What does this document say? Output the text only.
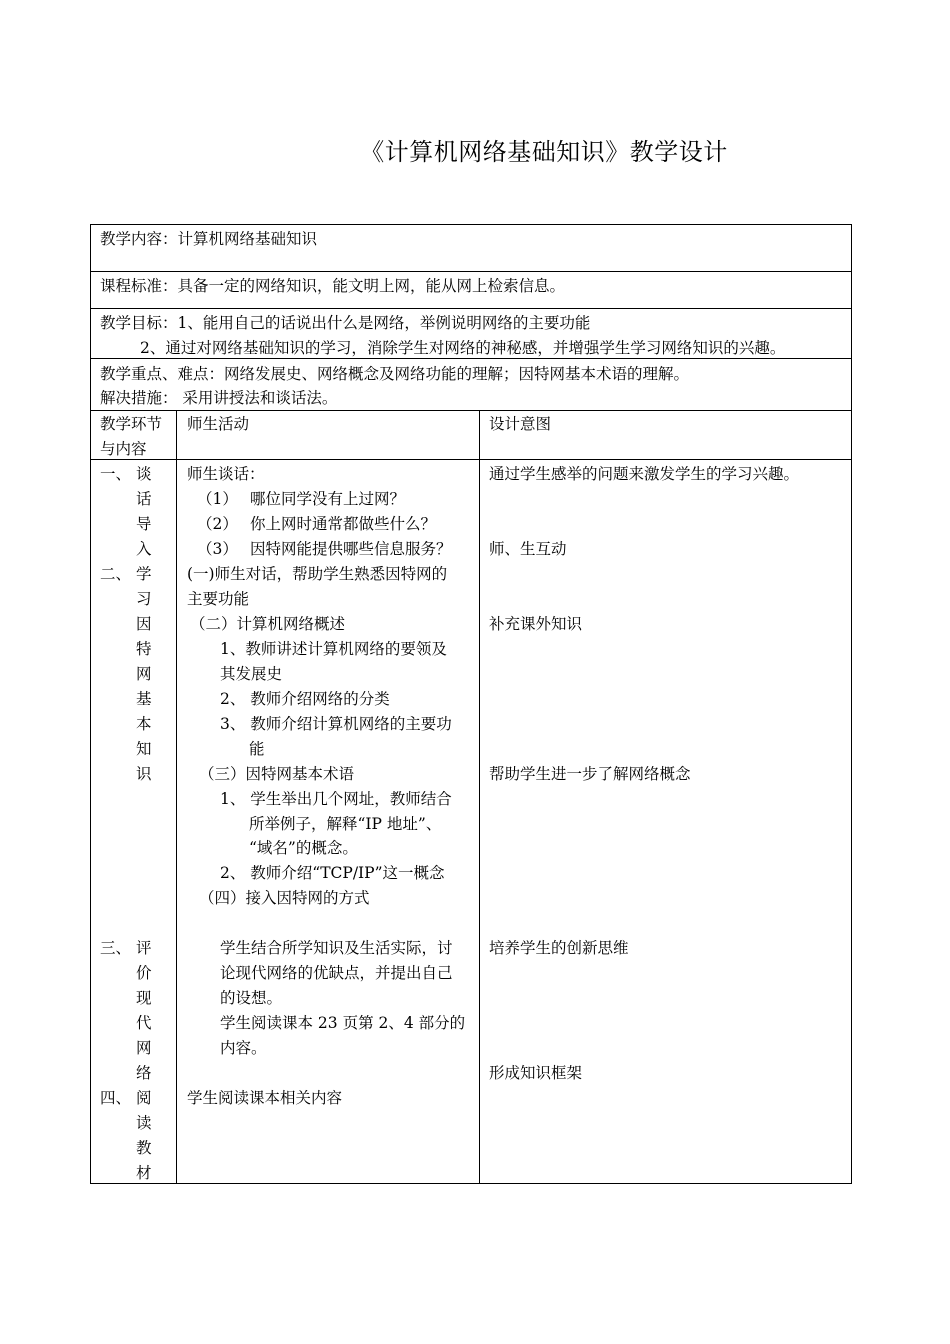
《计算机网络基础知识》教学设计
教学内容：计算机网络基础知识
课程标准：具备一定的网络知识，能文明上网，能从网上检索信息。
教学目标：1、能用自己的话说出什么是网络，举例说明网络的主要功能
2、通过对网络基础知识的学习，消除学生对网络的神秘感，并增强学生学习网络知识的兴趣。
教学重点、难点：网络发展史、网络概念及网络功能的理解；因特网基本术语的理解。
解决措施： 采用讲授法和谈话法。
教学环节
与内容
师生活动	设计意图
一、 谈
话
导
入
二、 学
习
因
特
网
基
本
知
识
三、 评
价
现
代
网
络
四、 阅
读
教
材
师生谈话：
（1） 哪位同学没有上过网？
（2） 你上网时通常都做些什么？
（3） 因特网能提供哪些信息服务？
(一)师生对话，帮助学生熟悉因特网的
主要功能
（二）计算机网络概述
1、教师讲述计算机网络的要领及
其发展史
2、 教师介绍网络的分类
3、 教师介绍计算机网络的主要功
能
（三）因特网基本术语
1、 学生举出几个网址，教师结合
所举例子，解释“IP 地址”、
“域名”的概念。
2、 教师介绍“TCP/IP”这一概念
（四）接入因特网的方式
学生结合所学知识及生活实际，讨
论现代网络的优缺点，并提出自己
的设想。
学生阅读课本 23 页第 2、4 部分的
内容。
学生阅读课本相关内容
通过学生感举的问题来激发学生的学习兴趣。
师、生互动
补充课外知识
帮助学生进一步了解网络概念
培养学生的创新思维
形成知识框架
